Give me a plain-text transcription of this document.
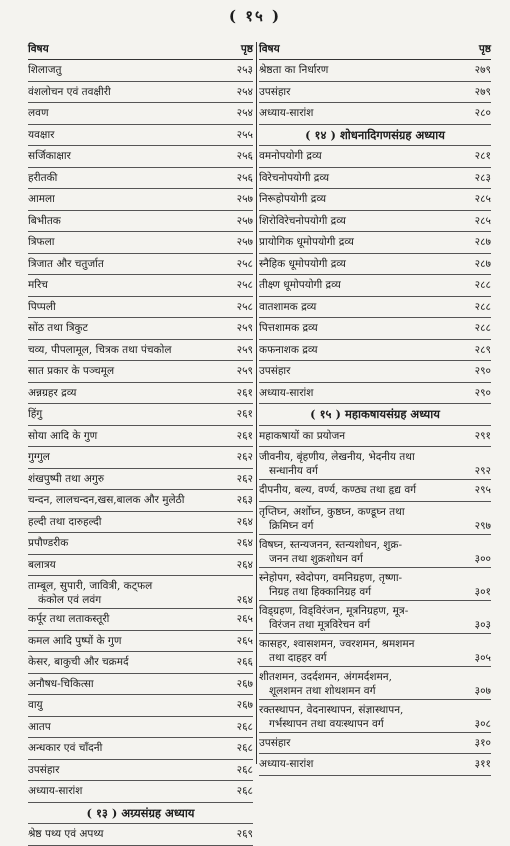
( १५ )
विषय	पृष्ठ
शिलाजतु	२५३
वंशलोचन एवं तवक्षीरी	२५४
लवण	२५४
यवक्षार	२५५
सर्जिकाक्षार	२५६
हरीतकी	२५६
आमला	२५७
बिभीतक	२५७
त्रिफला	२५७
त्रिजात और चतुर्जात	२५८
मरिच	२५८
पिप्पली	२५८
सोंठ तथा त्रिकुट	२५९
चव्य, पीपलामूल, चित्रक तथा पंचकोल	२५९
सात प्रकार के पञ्चमूल	२५९
अन्नग्रहर द्रव्य	२६१
हिंगु	२६१
सोया आदि के गुण	२६१
गुग्गुल	२६२
शंखपुष्पी तथा अगुरु	२६२
चन्दन, लालचन्दन,खस,बालक और मुलेठी	२६३
हल्दी तथा दारुहल्दी	२६४
प्रपौण्डरीक	२६४
बलात्रय	२६४
ताम्बूल, सुपारी, जावित्री, कट्फल
कंकोल एवं लवंग	२६४
कर्पूर तथा लताकस्तूरी	२६५
कमल आदि पुष्पों के गुण	२६५
केसर, बाकुची और चक्रमर्द	२६६
अनौषध-चिकित्सा	२६७
वायु	२६७
आतप	२६८
अन्धकार एवं चाँदनी	२६८
उपसंहार	२६८
अध्याय-सारांश	२६८
( १३ ) अग्र्यसंग्रह अध्याय
श्रेष्ठ पथ्य एवं अपथ्य	२६९
विषय	पृष्ठ
श्रेष्ठता का निर्धारण	२७९
उपसंहार	२७९
अध्याय-सारांश	२८०
( १४ ) शोधनादिगणसंग्रह अध्याय
वमनोपयोगी द्रव्य	२८१
विरेचनोपयोगी द्रव्य	२८३
निरूहोपयोगी द्रव्य	२८५
शिरोविरेचनोपयोगी द्रव्य	२८५
प्रायोगिक धूमोपयोगी द्रव्य	२८७
स्नैहिक धूमोपयोगी द्रव्य	२८७
तीक्ष्ण धूमोपयोगी द्रव्य	२८८
वातशामक द्रव्य	२८८
पित्तशामक द्रव्य	२८८
कफनाशक द्रव्य	२८९
उपसंहार	२९०
अध्याय-सारांश	२९०
( १५ ) महाकषायसंग्रह अध्याय
महाकषायों का प्रयोजन	२९१
जीवनीय, बृंहणीय, लेखनीय, भेदनीय तथा
सन्धानीय वर्ग	२९२
दीपनीय, बल्य, वर्ण्य, कण्ठ्य तथा हृद्य वर्ग	२९५
तृप्तिघ्न, अर्शोघ्न, कुष्ठघ्न, कण्डूघ्न तथा
क्रिमिघ्न वर्ग	२९७
विषघ्न, स्तन्यजनन, स्तन्यशोधन, शुक्र-
जनन तथा शुक्रशोधन वर्ग	३००
स्नेहोपग, स्वेदोपग, वमनिग्रहण, तृष्णा-
निग्रह तथा हिक्कानिग्रह वर्ग	३०१
विड्ग्रहण, विड्विरंजन, मूत्रनिग्रहण, मूत्र-
विरंजन तथा मूत्रविरेचन वर्ग	३०३
कासहर, श्वासशमन, ज्वरशमन, श्रमशमन
तथा दाहहर वर्ग	३०५
शीतशमन, उदर्दशमन, अंगमर्दशमन,
शूलशमन तथा शोथशमन वर्ग	३०७
रक्तस्थापन, वेदनास्थापन, संज्ञास्थापन,
गर्भस्थापन तथा वयःस्थापन वर्ग	३०८
उपसंहार	३१०
अध्याय-सारांश	३११
